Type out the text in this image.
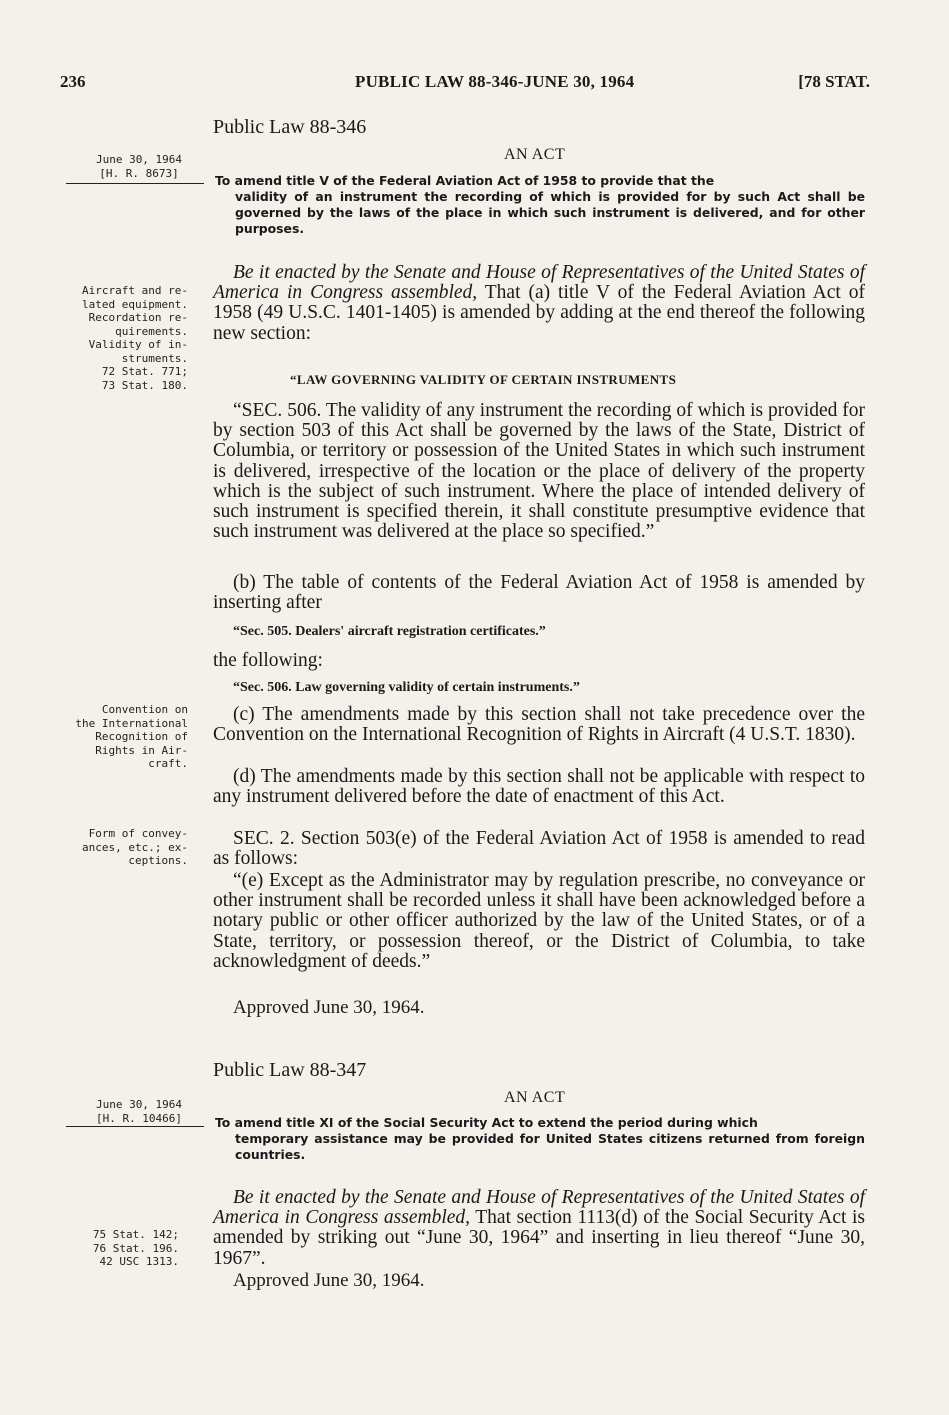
236	PUBLIC LAW 88-346-JUNE 30, 1964	[78 STAT.
Public Law 88-346
June 30, 1964
[H. R. 8673]
AN ACT
To amend title V of the Federal Aviation Act of 1958 to provide that the
validity of an instrument the recording of which is provided for by such Act shall be governed by the laws of the place in which such instrument is delivered, and for other purposes.
Aircraft and re-
lated equipment.
Recordation re-
quirements.
Validity of in-
struments.
72 Stat. 771;
73 Stat. 180.

Be it enacted by the Senate and House of Representatives of the United States of America in Congress assembled, That (a) title V of the Federal Aviation Act of 1958 (49 U.S.C. 1401-1405) is amended by adding at the end thereof the following new section:

“LAW GOVERNING VALIDITY OF CERTAIN INSTRUMENTS

“SEC. 506. The validity of any instrument the recording of which is provided for by section 503 of this Act shall be governed by the laws of the State, District of Columbia, or territory or possession of the United States in which such instrument is delivered, irrespective of the location or the place of delivery of the property which is the subject of such instrument. Where the place of intended delivery of such instrument is specified therein, it shall constitute presumptive evidence that such instrument was delivered at the place so specified.”

(b) The table of contents of the Federal Aviation Act of 1958 is amended by inserting after

“Sec. 505. Dealers' aircraft registration certificates.”

the following:

“Sec. 506. Law governing validity of certain instruments.”
Convention on
the International
Recognition of
Rights in Air-
craft.

(c) The amendments made by this section shall not take precedence over the Convention on the International Recognition of Rights in Aircraft (4 U.S.T. 1830).

(d) The amendments made by this section shall not be applicable with respect to any instrument delivered before the date of enactment of this Act.

Form of convey-
ances, etc.; ex-
ceptions.

SEC. 2. Section 503(e) of the Federal Aviation Act of 1958 is amended to read as follows:

“(e) Except as the Administrator may by regulation prescribe, no conveyance or other instrument shall be recorded unless it shall have been acknowledged before a notary public or other officer authorized by the law of the United States, or of a State, territory, or possession thereof, or the District of Columbia, to take acknowledgment of deeds.”

Approved June 30, 1964.
Public Law 88-347
June 30, 1964
[H. R. 10466]
AN ACT
To amend title XI of the Social Security Act to extend the period during which
temporary assistance may be provided for United States citizens returned from foreign countries.

Be it enacted by the Senate and House of Representatives of the United States of America in Congress assembled, That section 1113(d) of the Social Security Act is amended by striking out “June 30, 1964” and inserting in lieu thereof “June 30, 1967”.

75 Stat. 142;
76 Stat. 196.
42 USC 1313.
Approved June 30, 1964.
